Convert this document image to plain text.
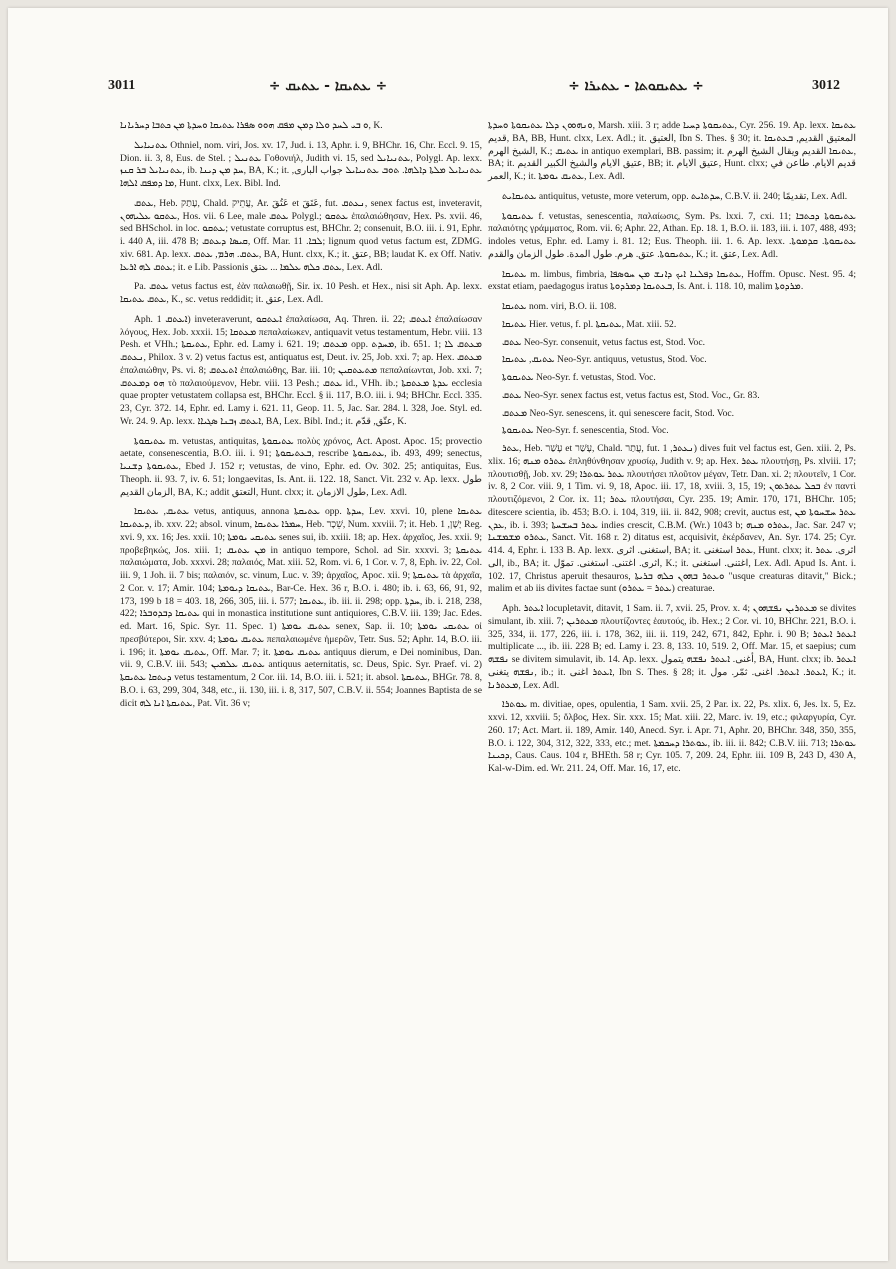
3011	÷ ܥܬܝܩܐ - ܥܬܝܩ ÷	÷ ܥܬܝܩܘܬܐ - ܥܬܝܪܐ ÷	3012

ܘ ܒܝ ܠܚܕ ܘܠܐ ܕܡܢ ܡܦܩ ܗܘܘ ܣܦܪܐ ܥܬܝܩܐ ܘܚܕܬܐ ܡܢ ܟܬܒܐ ܕܚܪܝܐܢܐ, K.

ܥܬܢܝܐܝܠ Othniel, nom. viri, Jos. xv. 17, Jud. i. 13, Aphr. i. 9, BHChr. 16, Chr. Eccl. 9. 15, Dion. ii. 3, 8, Eus. de Stel. ; ܥܬܢܝܠ Γοθονιήλ, Judith vi. 15, sed ܥܬܢܝܐܝܠ, Polygl. Ap. lexx. ܥܬܢܝܐܝܠ ܒܪ ܩܢܙ, ib. ܚܕ ܡܢ ܕܝܢܐ, BA, K.; it. ܥܬܢܝܐܝܠ ܡܠܬܐ ܕܐܠܗܐ. ܬܘܒ ܥܬܢܝܐܝܠ جواب البارى, ܡܐ ܕܡܦܩ ܐܠܗܐ, Hunt. clxx, Lex. Bibl. Ind.

ܥܬܩ, Heb. עָתַק, Chald. עֲתֵיק, Ar. عَتُقَ et عَتَقَ, fut. ܢܥܬܩ, senex factus est, inveteravit, ܥܬܩܘ ܥܠܝܗܘܢ, Hos. vii. 6 Lee, male ܥܬܩ Polygl.; ܥܬܩܘ ἐπαλαιώθησαν, Hex. Ps. xvii. 46, sed BHSchol. in loc. ܥܬܩܘ; vetustate corruptus est, BHChr. 2; consenuit, B.O. iii. i. 91, Ephr. i. 440 A, iii. 478 B; ܩܝܣܐ ܕܥܬܩ, Off. Mar. ܠܒܐ. 11; lignum quod vetus factum est, ZDMG. xiv. 681. Ap. lexx. ܥܬܩ. ܗܪܡ, ܥܬܩ, BA, Hunt. clxx, K.; it. عتق, BB; laudat K. ex Off. Nativ. ܥܬܩ ܠܗ ܐܪܥܐ; it. e Lib. Passionis ܥܬܩ ܟܠܗ ܥܠܡܐ ... ܥتق, Lex. Adl.

Pa. ܥܬܩ vetus factus est, ἐὰν παλαιωθῇ, Sir. ix. 10 Pesh. et Hex., nisi sit Aph. Ap. lexx. ܥܬܩ ܥܬܝܩܐ, K., sc. vetus reddidit; it. عتق, Lex. Adl.

Aph. ܐܥܬܩ 1) inveteraverunt, ܐܥܬܩܘ ἐπαλαίωσα, Aq. Thren. ii. 22; ܐܥܬܩ ἐπαλαίωσαν λόγους, Hex. Job. xxxii. 15; ܡܥܬܩܐ πεπαλαίωκεν, antiquavit vetus testamentum, Hebr. viii. 13 Pesh. et VHh.; ܥܬܝܩܬܐ, Ephr. ed. Lamy i. 621. 19; ܡܥܬܩ opp. ܡܚܕܬ, ib. 651. 1; ܡܥܬܩ ܠܐ ܢܥܬܩ, Philox. 3 v. 2) vetus factus est, antiquatus est, Deut. iv. 25, Job. xxi. 7; ap. Hex. ܡܥܬܩ ἐπαλαιώθην, Ps. vi. 8; ܐܬܥܬܩ ἐπαλαιώθης, Bar. iii. 10; ܡܬܥܬܩܝܢ πεπαλαίωνται, Job. xxi. 7; ܗܘ ܕܡܥܬܩ τὸ παλαιούμενον, Hebr. viii. 13 Pesh.; ܥܬܩ id., VHh. ib.; ܥܕܬܐ ܡܥܬܩܬܐ ecclesia quae propter vetustatem collapsa est, BHChr. Eccl. § ii. 117, B.O. iii. i. 94; BHChr. Eccl. 335. 23, Cyr. 372. 14, Ephr. ed. Lamy i. 621. 11, Geop. 11. 5, Jac. Sar. 284. l. 328, Joe. Styl. ed. Wr. 24. 9. Ap. lexx. ܐܥܬܩ ܙܒܢܐ ܣܓܝܐܐ, BA, Lex. Bibl. Ind.; it. عتّق, قدّم, K.

ܥܬܝܩܘܬܐ m. vetustas, antiquitas, ܥܬܝܩܘܬܐ πολὺς χρόνος, Act. Apost. Apoc. 15; provectio aetate, consenescentia, B.O. iii. i. 91; ܒܥܬܝܩܘܬܐ, rescribe ܥܬܝܩܘܬܐ, ib. 493, 499; senectus, ܥܬܝܩܘܬܐ ܕܫܢܝܐ, Ebed J. 152 r; vetustas, de vino, Ephr. ed. Ov. 302. 25; antiquitas, Eus. Theoph. ii. 93. 7, iv. 6. 51; longaevitas, Is. Ant. ii. 122. 18, Sanct. Vit. 232 v. Ap. lexx. طول الزمان القديم, BA, K.; addit التعتق, Hunt. clxx; it. طول الازمان, Lex. Adl.

ܥܬܝܩ, ܥܬܝܩܐ vetus, antiquus, annona ܥܬܝܩܬܐ opp. ܚܕܬܐ, Lev. xxvi. 10, plene ܥܬܝܩܐ ܕܥܬܝܩܐ, ib. xxv. 22; absol. vinum, ܚܡܪܐ ܥܬܝܩܐ, Heb. שֵׁכָר, Num. xxviii. 7; it. Heb. יָשָׁן, 1 Reg. xvi. 9, xx. 16; Jes. xxii. 10; ܥܬܝܩܝ ܝܘܡܬܐ senes sui, ib. xxiii. 18; ap. Hex. ἀρχαῖος, Jes. xxii. 9; προβεβηκώς, Jos. xiii. 1; ܡܢ ܥܬܝܩ in antiquo tempore, Schol. ad Sir. xxxvi. 3; ܥܬܝܩܬܐ παλαιώματα, Job. xxxvi. 28; παλαιός, Mat. xiii. 52, Rom. vi. 6, 1 Cor. v. 7, 8, Eph. iv. 22, Col. iii. 9, 1 Joh. ii. 7 bis; παλαιόν, sc. vinum, Luc. v. 39; ἀρχαῖος, Apoc. xii. 9; ܥܬܝܩܬܐ τὰ ἀρχαῖα, 2 Cor. v. 17; Amir. 104; ܥܬܝܩܐ ܕܝܘܡܬܐ, Bar-Ce. Hex. 36 r, B.O. i. 480; ib. i. 63, 66, 91, 92, 173, 199 b 18 = 403. 18, 266, 305, iii. i. 577; ܥܬܝܩܐ, ib. iii. ii. 298; opp. ܚܕܬܐ, ib. i. 218, 238, 422; ܥܬܝܩܐ ܕܒܕܘܒܪܐ qui in monastica institutione sunt antiquiores, C.B.V. iii. 139; Jac. Edes. ed. Mart. 16, Spic. Syr. 11. Spec. 1) ܥܬܝܩ ܝܘܡܬܐ senex, Sap. ii. 10; ܥܬܝܩܝ ܝܘܡܬܐ οἱ πρεσβύτεροι, Sir. xxv. 4; ܥܬܝܩ ܝܘܡܬܐ πεπαλαιωμένε ἡμερῶν, Tetr. Sus. 52; Aphr. 14, B.O. iii. i. 196; it. ܥܬܝܩ ܝܘܡܬܐ, Off. Mar. 7; it. ܥܬܝܩ ܝܘܡܬܐ antiquus dierum, e Dei nominibus, Dan. vii. 9, C.B.V. iii. 543; ܥܬܝܩ ܥܠܡܝܢ antiquus aeternitatis, sc. Deus, Spic. Syr. Praef. vi. 2) ܕܝܬܩܐ ܥܬܝܩܬܐ vetus testamentum, 2 Cor. iii. 14, B.O. iii. i. 521; it. absol. ܥܬܝܩܬܐ, BHGr. 78. 8, B.O. i. 63, 299, 304, 348, etc., ii. 130, iii. i. 8, 317, 507, C.B.V. ii. 554; Joannes Baptista de se dicit ܥܬܝܩܬܐ ܐܢܐ ܠܗ, Pat. Vit. 36 v;

ܘܢܗܘܘܢ ܕܠܐ ܥܬܝܩܘܬܐ ܘܚܕܬܐ, Marsh. xiii. 3 r; adde ܥܬܝܩܘܬܐ ܕܚܝܐ, Cyr. 256. 19. Ap. lexx. ܥܬܝܩܐ قديم, BA, BB, Hunt. clxx, Lex. Adl.; it. العتيق, Ibn S. Thes. § 30; it. المعتيق القديم, ܒܥܬܝܩܐ الشيخ الهرم, K.; ܥܬܝܩ in antiquo exemplari, BB. passim; it. ܥܬܝܩܐ القديم ويقال الشيخ الهرم, BA; it. عتيق الايام والشيخ الكبير القديم, BB; it. عتيق الايام, Hunt. clxx; قديم الايام. طاعن في العمر, K.; it. ܥܬܝܩ ܝܘܡܬܐ, Lex. Adl.

ܥܬܝܩܐܝܬ antiquitus, vetuste, more veterum, opp. ܚܕܬܐܝܬ, C.B.V. ii. 240; تقديمًا, Lex. Adl.

ܥܬܝܩܘܬܐ f. vetustas, senescentia, παλαίωσις, Sym. Ps. lxxi. 7, cxi. 11; ܥܬܝܩܘܬܐ ܕܟܬܒܐ παλαιότης γράμματος, Rom. vii. 6; Aphr. 22, Athan. Ep. 18. 1, B.O. ii. 183, iii. i. 107, 488, 493; indoles vetus, Ephr. ed. Lamy i. 81. 12; Eus. Theoph. iii. 1. 6. Ap. lexx. ܥܬܝܩܘܬܐ. ܩܕܡܘܬܐ. ܥܬܝܩܘܬܐ. عتق. هرم. طول المدة. طول الزمان والقدم, K.; it. عتق, Lex. Adl.

ܥܬܝܩܐ m. limbus, fimbria, ܥܬܝܩܐ ܕܦܠܢܐ ܐܝܟ ܕܐܢܫ ܡܢ ܚܘܣܦܐ, Hoffm. Opusc. Nest. 95. 4; exstat etiam, paedagogus iratus ܒܥܬܝܩܐ ܕܡܪܕܘܬܐ, Is. Ant. i. 118. 10, malim ܡܪܕܘܬܐ.

ܥܬܝܩܐ nom. viri, B.O. ii. 108.

ܥܬܝܩܐ Hier. vetus, f. pl. ܥܬܝܩܬܐ, Mat. xiii. 52.

ܥܬܩ Neo-Syr. consenuit, vetus factus est, Stod. Voc.

ܥܬܝܩ, ܥܬܝܩܐ Neo-Syr. antiquus, vetustus, Stod. Voc.

ܥܬܝܩܘܬܐ Neo-Syr. f. vetustas, Stod. Voc.

ܥܬܩ Neo-Syr. senex factus est, vetus factus est, Stod. Voc., Gr. 83.

ܡܥܬܩ Neo-Syr. senescens, it. qui senescere facit, Stod. Voc.

ܥܬܝܩܘܬܐ Neo-Syr. f. senescentia, Stod. Voc.

ܥܬܪ, Heb. עָשַׁר et עָשַׁר, Chald. עֲתַר, fut. ܢܥܬܪ, 1) dives fuit vel factus est, Gen. xiii. 2, Ps. xlix. 16; ܥܬܪܘ ܡܢܗ ἐπληθύνθησαν χρυσίῳ, Judith v. 9; ap. Hex. ܥܬܪ πλουτήσῃ, Ps. xlviii. 17; πλουτισθῇ, Job. xv. 29; ܥܬܪ ܥܘܬܪܐ πλουτήσει πλοῦτον μέγαν, Tetr. Dan. xi. 2; πλουτεῖν, 1 Cor. iv. 8, 2 Cor. viii. 9, 1 Tim. vi. 9, 18, Apoc. iii. 17, 18, xviii. 3, 15, 19; ܒܟܠ ܥܬܪܬܘܢ ἐν παντὶ πλουτιζόμενοι, 2 Cor. ix. 11; ܥܬܪ πλουτήσαι, Cyr. 235. 19; Amir. 170, 171, BHChr. 105; ditescere scientia, ib. 453; B.O. i. 104, 319, iii. ii. 842, 908; crevit, auctus est, ܥܬܪ ܚܫܚܘܬܐ ܡܢ ܥܕܢ, ib. i. 393; ܥܬܪ ܒܚܫܚܬܐ indies crescit, C.B.M. (Wr.) 1043 b; ܥܬܪܘ ܡܢܗ, Jac. Sar. 247 v; ܥܬܪܘ ܡܫܡܫܢܐ, Sanct. Vit. 168 r. 2) ditatus est, acquisivit, ἐκέρδανεν, An. Syr. 174. 25; Cyr. 414. 4, Ephr. i. 133 B. Ap. lexx. استغنى. اثرى, BA; it. ܥܬܪ استغنى, Hunt. clxx; it. اثرى. ܥܬܪ الى, ib., BA; it. اثرى. اغتنى. استغنى. تموّل, K.; it. اغتنى. استغنى, Lex. Adl. Apud Is. Ant. i. 102. 17, Christus aperuit thesauros, ܘܥܬܪ ܒܗܘܢ ܟܠܗ ܒܪܝܬܐ "usque creaturas ditavit," Bick.; malim et ab iis divites factae sunt (ܥܬܪ = ܥܬܪܘ) creaturae.

Aph. ܐܥܬܪ locupletavit, ditavit, 1 Sam. ii. 7, xvii. 25, Prov. x. 4; ܡܥܬܪܝܢ ܢܦܫܗܘܢ se divites simulant, ib. xiii. 7; ܡܥܬܪܝܢ πλουτίζοντες ἑαυτούς, ib. Hex.; 2 Cor. vi. 10, BHChr. 221, B.O. i. 325, 334, ii. 177, 226, iii. i. 178, 362, iii. ii. 119, 242, 671, 842, Ephr. i. 90 B; ܐܥܬܪ ܐܥܬܪ multiplicate ..., ib. iii. 228 B; ed. Lamy i. 23. 8, 133. 10, 519. 2, Off. Mar. 15, et saepius; cum ܢܦܫܗ se divitem simulavit, ib. 14. Ap. lexx. أغنى. ܐܥܬܪ ܢܦܫܗ يتمول, BA, Hunt. clxx; ib. ܐܥܬܪ ܢܦܫܗ يتغنى, ib.; it. ܐܥܬܪ اغنى, Ibn S. Thes. § 28; it. ܐܥܬܪ. ܐܥܬܪ. اغنى. ثمّر. مول, K.; it. ܡܥܬܪܢܐ, Lex. Adl.

ܥܘܬܪܐ m. divitiae, opes, opulentia, 1 Sam. xvii. 25, 2 Par. ix. 22, Ps. xlix. 6, Jes. lx. 5, Ez. xxvi. 12, xxviii. 5; ὄλβος, Hex. Sir. xxx. 15; Mat. xiii. 22, Marc. iv. 19, etc.; φιλαργυρία, Cyr. 260. 17; Act. Mart. ii. 189, Amir. 140, Anecd. Syr. i. Apr. 71, Aphr. 20, BHChr. 348, 350, 355, B.O. i. 122, 304, 312, 322, 333, etc.; met. ܥܘܬܪܐ ܕܚܟܡܬܐ, ib. iii. ii. 842; C.B.V. iii. 713; ܥܘܬܪܐ ܕܟܝܢܐ, Caus. Caus. 104 r, BHEth. 58 r; Cyr. 105. 7, 209. 24, Ephr. iii. 109 B, 243 D, 430 A, Kal-w-Dim. ed. Wr. 211. 24, Off. Mar. 16, 17, etc.
